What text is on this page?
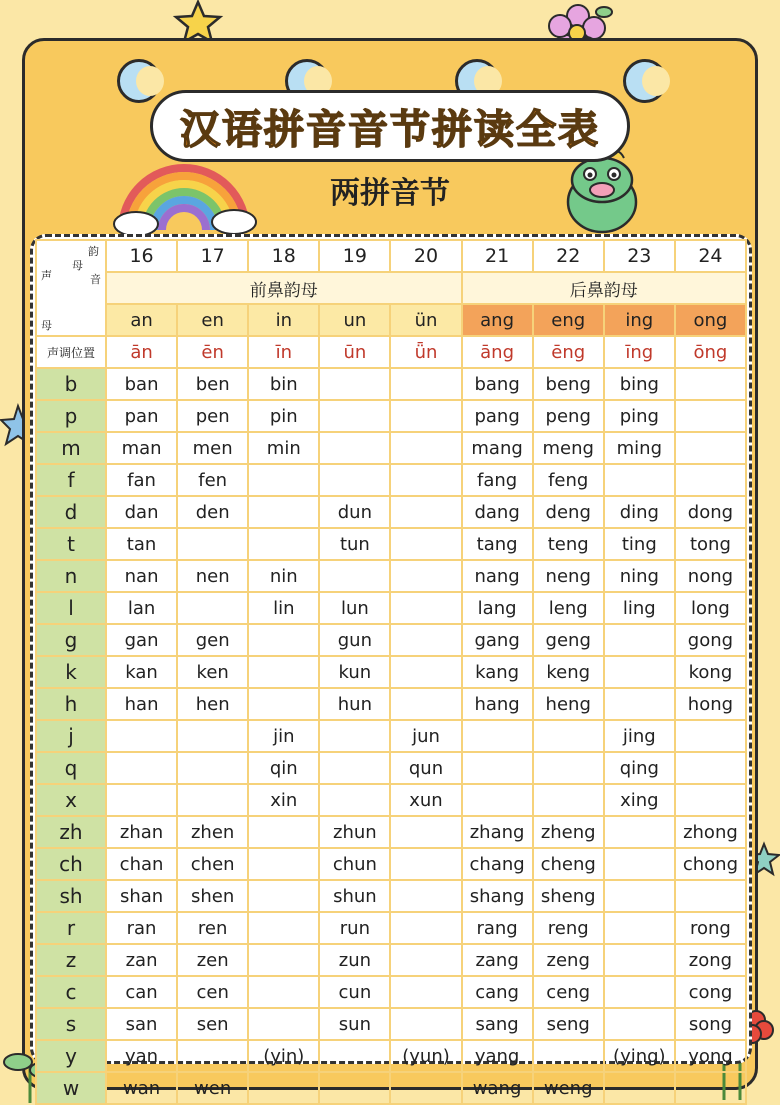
汉语拼音音节拼读全表
两拼音节
韵
母
音
声
母	16	17	18	19	20	21	22	23	24
	前鼻韵母					后鼻韵母			
	an	en	in	un	ün	ang	eng	ing	ong
声调位置	ān	ēn	īn	ūn	ǖn	āng	ēng	īng	ōng
b	ban	ben	bin			bang	beng	bing	
p	pan	pen	pin			pang	peng	ping	
m	man	men	min			mang	meng	ming	
f	fan	fen				fang	feng		
d	dan	den		dun		dang	deng	ding	dong
t	tan			tun		tang	teng	ting	tong
n	nan	nen	nin			nang	neng	ning	nong
l	lan		lin	lun		lang	leng	ling	long
g	gan	gen		gun		gang	geng		gong
k	kan	ken		kun		kang	keng		kong
h	han	hen		hun		hang	heng		hong
j			jin		jun			jing	
q			qin		qun			qing	
x			xin		xun			xing	
zh	zhan	zhen		zhun		zhang	zheng		zhong
ch	chan	chen		chun		chang	cheng		chong
sh	shan	shen		shun		shang	sheng		
r	ran	ren		run		rang	reng		rong
z	zan	zen		zun		zang	zeng		zong
c	can	cen		cun		cang	ceng		cong
s	san	sen		sun		sang	seng		song
y	yan		(yin)		(yun)	yang		(ying)	yong
w	wan	wen				wang	weng		
